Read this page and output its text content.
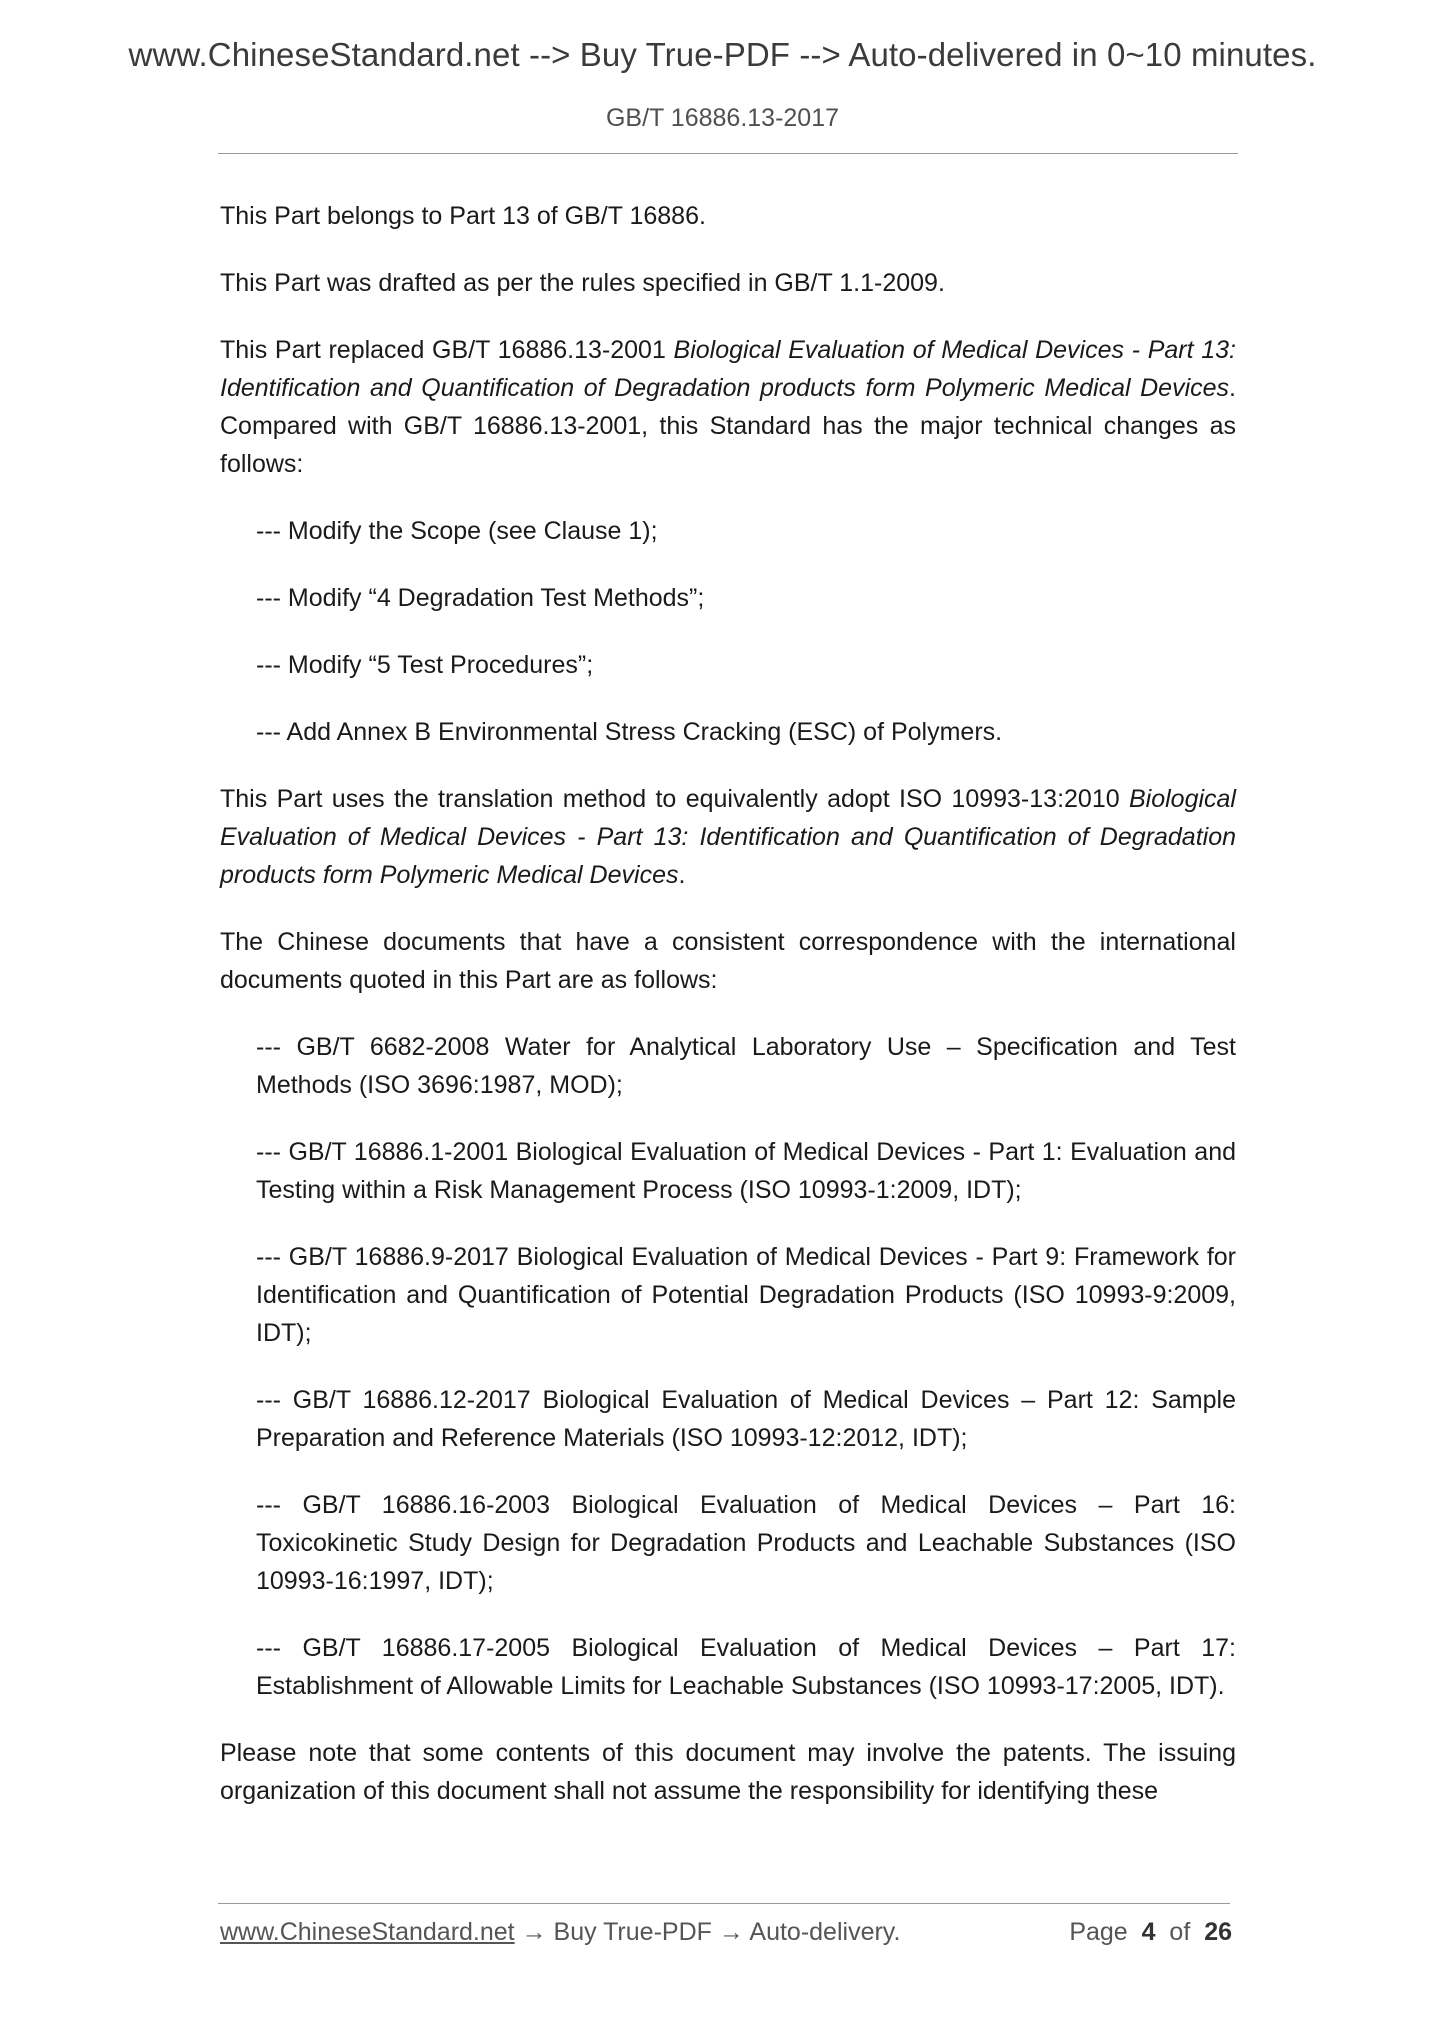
www.ChineseStandard.net --> Buy True-PDF --> Auto-delivered in 0~10 minutes.
GB/T 16886.13-2017
This Part belongs to Part 13 of GB/T 16886.
This Part was drafted as per the rules specified in GB/T 1.1-2009.
This Part replaced GB/T 16886.13-2001 Biological Evaluation of Medical Devices - Part 13: Identification and Quantification of Degradation products form Polymeric Medical Devices. Compared with GB/T 16886.13-2001, this Standard has the major technical changes as follows:
--- Modify the Scope (see Clause 1);
--- Modify “4 Degradation Test Methods”;
--- Modify “5 Test Procedures”;
--- Add Annex B Environmental Stress Cracking (ESC) of Polymers.
This Part uses the translation method to equivalently adopt ISO 10993-13:2010 Biological Evaluation of Medical Devices - Part 13: Identification and Quantification of Degradation products form Polymeric Medical Devices.
The Chinese documents that have a consistent correspondence with the international documents quoted in this Part are as follows:
--- GB/T 6682-2008 Water for Analytical Laboratory Use – Specification and Test Methods (ISO 3696:1987, MOD);
--- GB/T 16886.1-2001 Biological Evaluation of Medical Devices - Part 1: Evaluation and Testing within a Risk Management Process (ISO 10993-1:2009, IDT);
--- GB/T 16886.9-2017 Biological Evaluation of Medical Devices - Part 9: Framework for Identification and Quantification of Potential Degradation Products (ISO 10993-9:2009, IDT);
--- GB/T 16886.12-2017 Biological Evaluation of Medical Devices – Part 12: Sample Preparation and Reference Materials (ISO 10993-12:2012, IDT);
--- GB/T 16886.16-2003 Biological Evaluation of Medical Devices – Part 16: Toxicokinetic Study Design for Degradation Products and Leachable Substances (ISO 10993-16:1997, IDT);
--- GB/T 16886.17-2005 Biological Evaluation of Medical Devices – Part 17: Establishment of Allowable Limits for Leachable Substances (ISO 10993-17:2005, IDT).
Please note that some contents of this document may involve the patents. The issuing organization of this document shall not assume the responsibility for identifying these
www.ChineseStandard.net → Buy True-PDF → Auto-delivery.	Page 4 of 26
